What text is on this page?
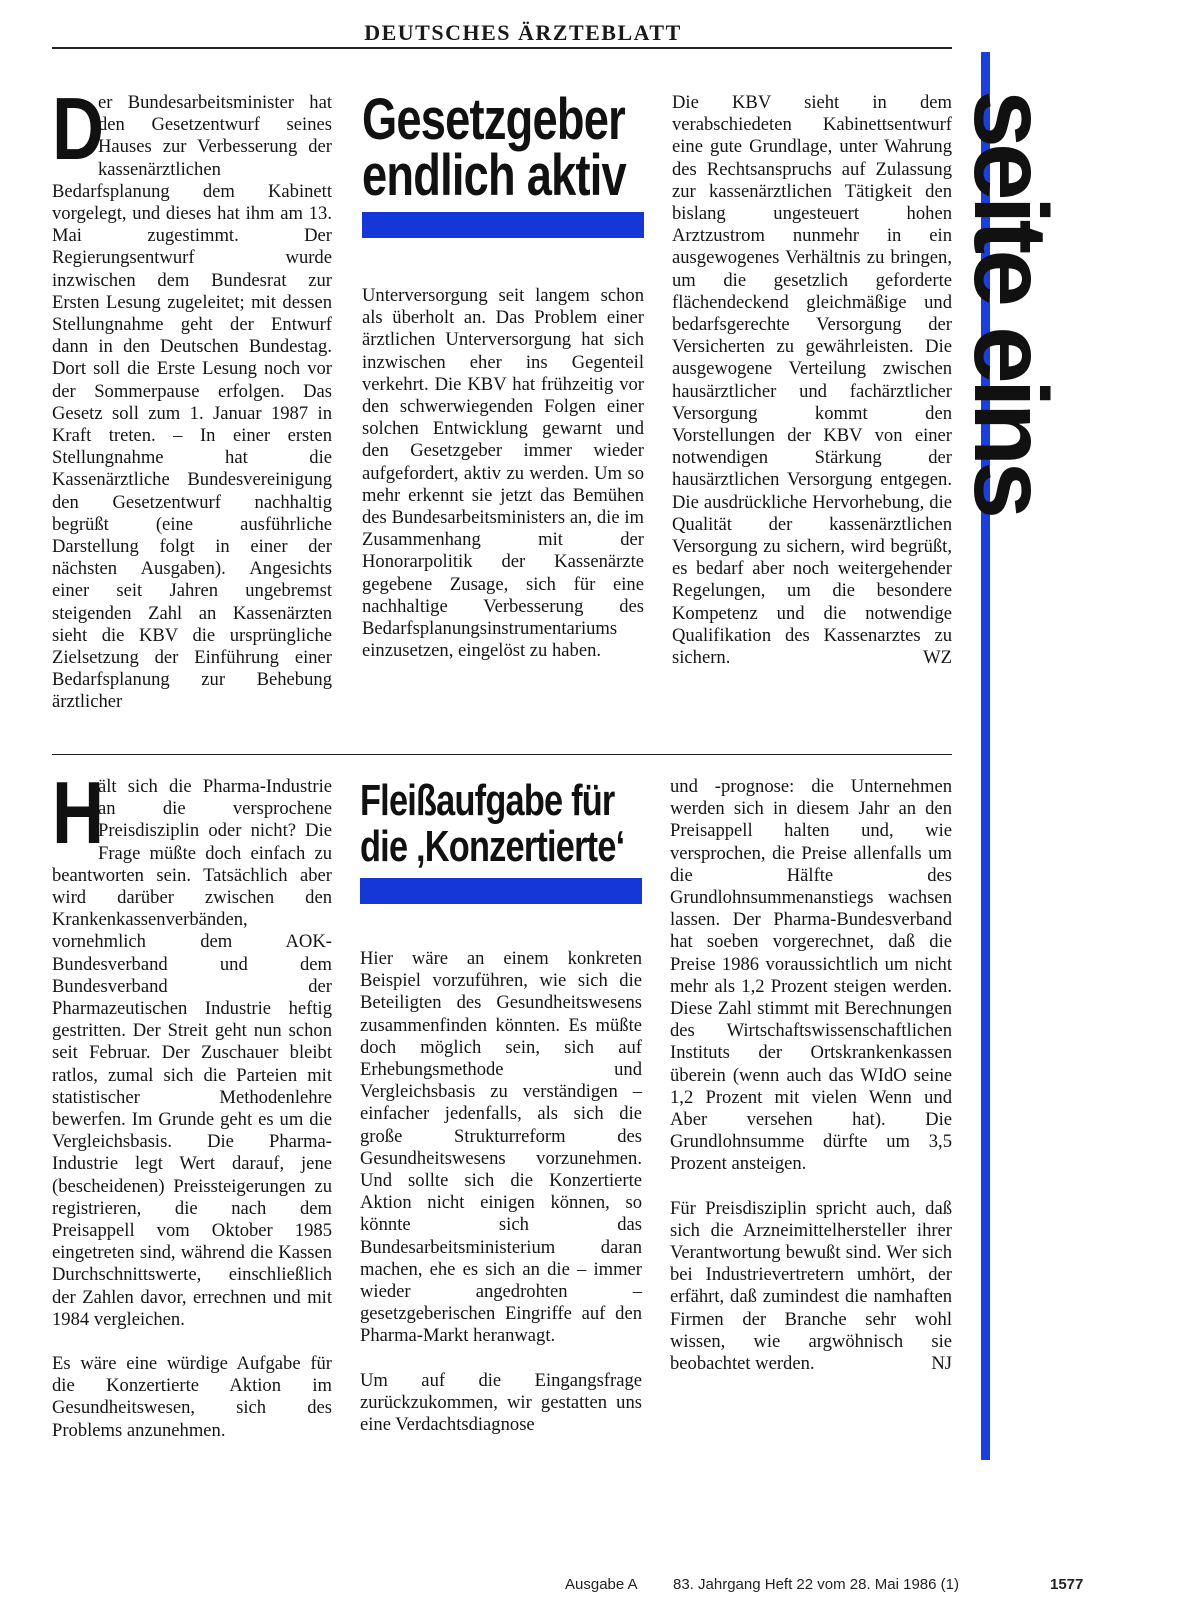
DEUTSCHES ÄRZTEBLATT
seite eins

D
er Bundesarbeitsminister hat den Gesetzentwurf seines Hauses zur Verbesserung der kassenärztlichen Bedarfsplanung dem Kabinett vorgelegt, und dieses hat ihm am 13. Mai zugestimmt. Der Regierungsentwurf wurde inzwischen dem Bundesrat zur Ersten Lesung zugeleitet; mit dessen Stellungnahme geht der Entwurf dann in den Deutschen Bundestag. Dort soll die Erste Lesung noch vor der Sommerpause erfolgen. Das Gesetz soll zum 1. Januar 1987 in Kraft treten. – In einer ersten Stellungnahme hat die Kassenärztliche Bundesvereinigung den Gesetzentwurf nachhaltig begrüßt (eine ausführliche Darstellung folgt in einer der nächsten Ausgaben). Angesichts einer seit Jahren ungebremst steigenden Zahl an Kassenärzten sieht die KBV die ursprüngliche Zielsetzung der Einführung einer Bedarfsplanung zur Behebung ärztlicher

Gesetzgeber
endlich aktiv

Unterversorgung seit langem schon als überholt an. Das Problem einer ärztlichen Unterversorgung hat sich inzwischen eher ins Gegenteil verkehrt. Die KBV hat frühzeitig vor den schwerwiegenden Folgen einer solchen Entwicklung gewarnt und den Gesetzgeber immer wieder aufgefordert, aktiv zu werden. Um so mehr erkennt sie jetzt das Bemühen des Bundesarbeitsministers an, die im Zusammenhang mit der Honorarpolitik der Kassenärzte gegebene Zusage, sich für eine nachhaltige Verbesserung des Bedarfsplanungsinstrumentariums einzusetzen, eingelöst zu haben.

Die KBV sieht in dem verabschiedeten Kabinettsentwurf eine gute Grundlage, unter Wahrung des Rechtsanspruchs auf Zulassung zur kassenärztlichen Tätigkeit den bislang ungesteuert hohen Arztzustrom nunmehr in ein ausgewogenes Verhältnis zu bringen, um die gesetzlich geforderte flächendeckend gleichmäßige und bedarfsgerechte Versorgung der Versicherten zu gewährleisten. Die ausgewogene Verteilung zwischen hausärztlicher und fachärztlicher Versorgung kommt den Vorstellungen der KBV von einer notwendigen Stärkung der hausärztlichen Versorgung entgegen. Die ausdrückliche Hervorhebung, die Qualität der kassenärztlichen Versorgung zu sichern, wird begrüßt, es bedarf aber noch weitergehender Regelungen, um die besondere Kompetenz und die notwendige Qualifikation des Kassenarztes zu sichern.	WZ

H
ält sich die Pharma-Industrie an die versprochene Preisdisziplin oder nicht? Die Frage müßte doch einfach zu beantworten sein. Tatsächlich aber wird darüber zwischen den Krankenkassenverbänden, vornehmlich dem AOK-Bundesverband und dem Bundesverband der Pharmazeutischen Industrie heftig gestritten. Der Streit geht nun schon seit Februar. Der Zuschauer bleibt ratlos, zumal sich die Parteien mit statistischer Methodenlehre bewerfen. Im Grunde geht es um die Vergleichsbasis. Die Pharma-Industrie legt Wert darauf, jene (bescheidenen) Preissteigerungen zu registrieren, die nach dem Preisappell vom Oktober 1985 eingetreten sind, während die Kassen Durchschnittswerte, einschließlich der Zahlen davor, errechnen und mit 1984 vergleichen.

Es wäre eine würdige Aufgabe für die Konzertierte Aktion im Gesundheitswesen, sich des Problems anzunehmen.

Fleißaufgabe für
die ‚Konzertierte‘

Hier wäre an einem konkreten Beispiel vorzuführen, wie sich die Beteiligten des Gesundheitswesens zusammenfinden könnten. Es müßte doch möglich sein, sich auf Erhebungsmethode und Vergleichsbasis zu verständigen – einfacher jedenfalls, als sich die große Strukturreform des Gesundheitswesens vorzunehmen. Und sollte sich die Konzertierte Aktion nicht einigen können, so könnte sich das Bundesarbeitsministerium daran machen, ehe es sich an die – immer wieder angedrohten – gesetzgeberischen Eingriffe auf den Pharma-Markt heranwagt.

Um auf die Eingangsfrage zurückzukommen, wir gestatten uns eine Verdachtsdiagnose

und -prognose: die Unternehmen werden sich in diesem Jahr an den Preisappell halten und, wie versprochen, die Preise allenfalls um die Hälfte des Grundlohnsummenanstiegs wachsen lassen. Der Pharma-Bundesverband hat soeben vorgerechnet, daß die Preise 1986 voraussichtlich um nicht mehr als 1,2 Prozent steigen werden. Diese Zahl stimmt mit Berechnungen des Wirtschaftswissenschaftlichen Instituts der Ortskrankenkassen überein (wenn auch das WIdO seine 1,2 Prozent mit vielen Wenn und Aber versehen hat). Die Grundlohnsumme dürfte um 3,5 Prozent ansteigen.

Für Preisdisziplin spricht auch, daß sich die Arzneimittelhersteller ihrer Verantwortung bewußt sind. Wer sich bei Industrievertretern umhört, der erfährt, daß zumindest die namhaften Firmen der Branche sehr wohl wissen, wie argwöhnisch sie beobachtet werden.	NJ

Ausgabe A 83. Jahrgang Heft 22 vom 28. Mai 1986 (1)	1577
